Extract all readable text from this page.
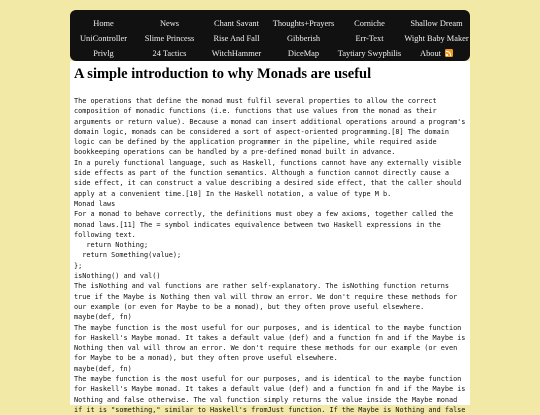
Home	News	Chant Savant	Thoughts+Prayers	Corniche	Shallow Dream
UniController	Slime Princess	Rise And Fall	Gibberish	Err-Text	Wight Baby Maker
Privlg	24 Tactics	WitchHammer	DiceMap	Taytiary Swyphilis	About
A simple introduction to why Monads are useful
The operations that define the monad must fulfil several properties to allow the correct
composition of monadic functions (i.e. functions that use values from the monad as their
arguments or return value). Because a monad can insert additional operations around a program's
domain logic, monads can be considered a sort of aspect-oriented programming.[8] The domain
logic can be defined by the application programmer in the pipeline, while required aside
bookkeeping operations can be handled by a pre-defined monad built in advance.
In a purely functional language, such as Haskell, functions cannot have any externally visible
side effects as part of the function semantics. Although a function cannot directly cause a
side effect, it can construct a value describing a desired side effect, that the caller should
apply at a convenient time.[10] In the Haskell notation, a value of type M b.
Monad laws
For a monad to behave correctly, the definitions must obey a few axioms, together called the
monad laws.[11] The = symbol indicates equivalence between two Haskell expressions in the
following text.
return Nothing;
return Something(value);
};
isNothing() and val()
The isNothing and val functions are rather self-explanatory. The isNothing function returns
true if the Maybe is Nothing then val will throw an error. We don't require these methods for
our example (or even for Maybe to be a monad), but they often prove useful elsewhere.
maybe(def, fn)
The maybe function is the most useful for our purposes, and is identical to the maybe function
for Haskell's Maybe monad. It takes a default value (def) and a function fn and if the Maybe is
Nothing then val will throw an error. We don't require these methods for our example (or even
for Maybe to be a monad), but they often prove useful elsewhere.
maybe(def, fn)
The maybe function is the most useful for our purposes, and is identical to the maybe function
for Haskell's Maybe monad. It takes a default value (def) and a function fn and if the Maybe is
Nothing and false otherwise. The val function simply returns the value inside the Maybe monad
if it is "something," similar to Haskell's fromJust function. If the Maybe is Nothing and false
